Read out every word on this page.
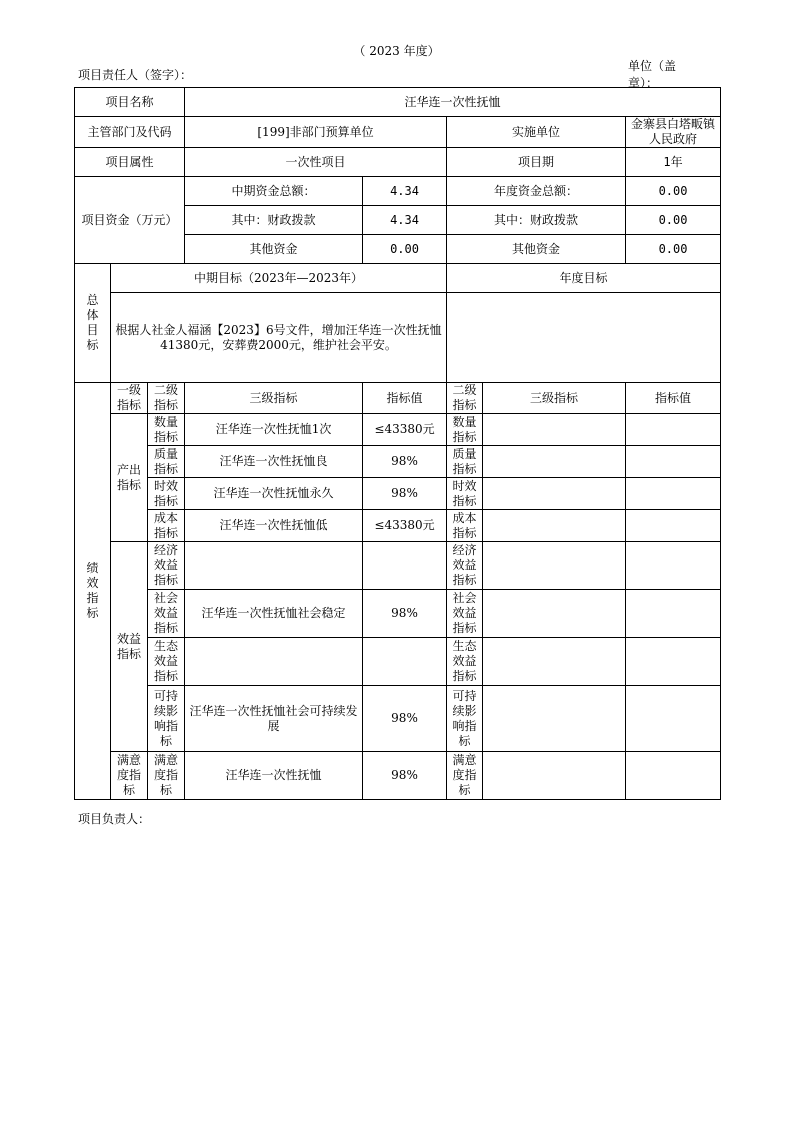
（ 2023 年度）
项目责任人（签字）：
单位（盖章）：
项目名称			汪华连一次性抚恤				
主管部门及代码			[199]非部门预算单位		实施单位		金寨县白塔畈镇人民政府
项目属性			一次性项目		项目期		1年
项目资金（万元）			中期资金总额：	4.34	年度资金总额：		0.00
			其中：财政拨款	4.34	其中：财政拨款		0.00
			其他资金	0.00	其他资金		0.00
总
体
目
标	中期目标（2023年—2023年）				年度目标		
	根据人社金人福涵【2023】6号文件，增加汪华连一次性抚恤41380元，安葬费2000元，维护社会平安。						
绩
效
指
标	一级指标	二级指标	三级指标	指标值	二级指标	三级指标	指标值
	产出指标	数量指标	汪华连一次性抚恤1次	≤43380元	数量指标		
		质量指标	汪华连一次性抚恤良	98%	质量指标		
		时效指标	汪华连一次性抚恤永久	98%	时效指标		
		成本指标	汪华连一次性抚恤低	≤43380元	成本指标		
	效益指标	经济效益指标			经济效益指标		
		社会效益指标	汪华连一次性抚恤社会稳定	98%	社会效益指标		
		生态效益指标			生态效益指标		
		可持续影响指标	汪华连一次性抚恤社会可持续发展	98%	可持续影响指标		
	满意度指标	满意度指标	汪华连一次性抚恤	98%	满意度指标		
项目负责人：
